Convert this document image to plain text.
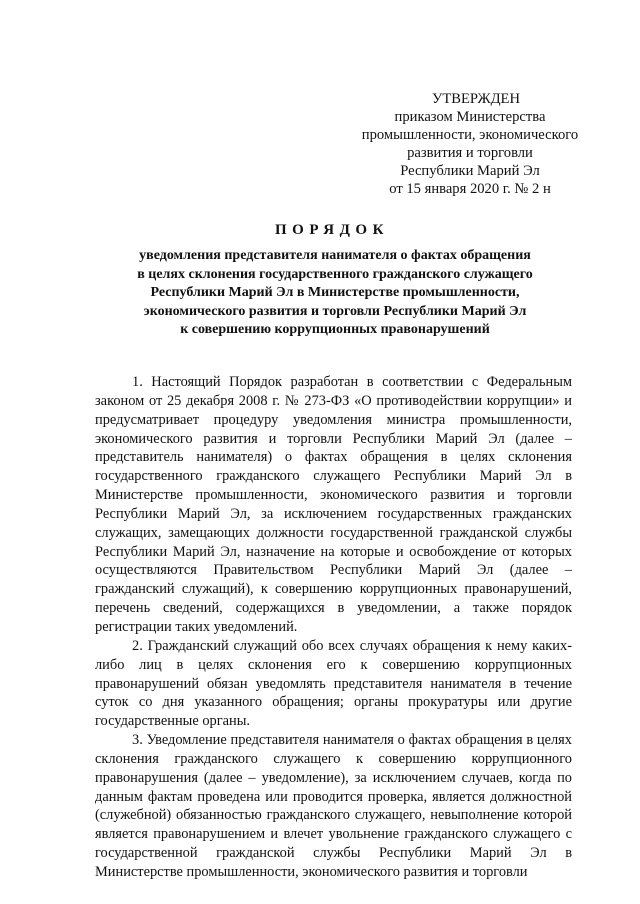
УТВЕРЖДЕН
приказом Министерства
промышленности, экономического
развития и торговли
Республики Марий Эл
от 15 января 2020 г. № 2 н
ПОРЯДОК
уведомления представителя нанимателя о фактах обращения
в целях склонения государственного гражданского служащего
Республики Марий Эл в Министерстве промышленности,
экономического развития и торговли Республики Марий Эл
к совершению коррупционных правонарушений

1. Настоящий Порядок разработан в соответствии с Федеральным законом от 25 декабря 2008 г. № 273-ФЗ «О противодействии коррупции» и предусматривает процедуру уведомления министра промышленности, экономического развития и торговли Республики Марий Эл (далее – представитель нанимателя) о фактах обращения в целях склонения государственного гражданского служащего Республики Марий Эл в Министерстве промышленности, экономического развития и торговли Республики Марий Эл, за исключением государственных гражданских служащих, замещающих должности государственной гражданской службы Республики Марий Эл, назначение на которые и освобождение от которых осуществляются Правительством Республики Марий Эл (далее – гражданский служащий), к совершению коррупционных правонарушений, перечень сведений, содержащихся в уведомлении, а также порядок регистрации таких уведомлений.

2. Гражданский служащий обо всех случаях обращения к нему каких-либо лиц в целях склонения его к совершению коррупционных правонарушений обязан уведомлять представителя нанимателя в течение суток со дня указанного обращения; органы прокуратуры или другие государственные органы.

3. Уведомление представителя нанимателя о фактах обращения в целях склонения гражданского служащего к совершению коррупционного правонарушения (далее – уведомление), за исключением случаев, когда по данным фактам проведена или проводится проверка, является должностной (служебной) обязанностью гражданского служащего, невыполнение которой является правонарушением и влечет увольнение гражданского служащего с государственной гражданской службы Республики Марий Эл в Министерстве промышленности, экономического развития и торговли
